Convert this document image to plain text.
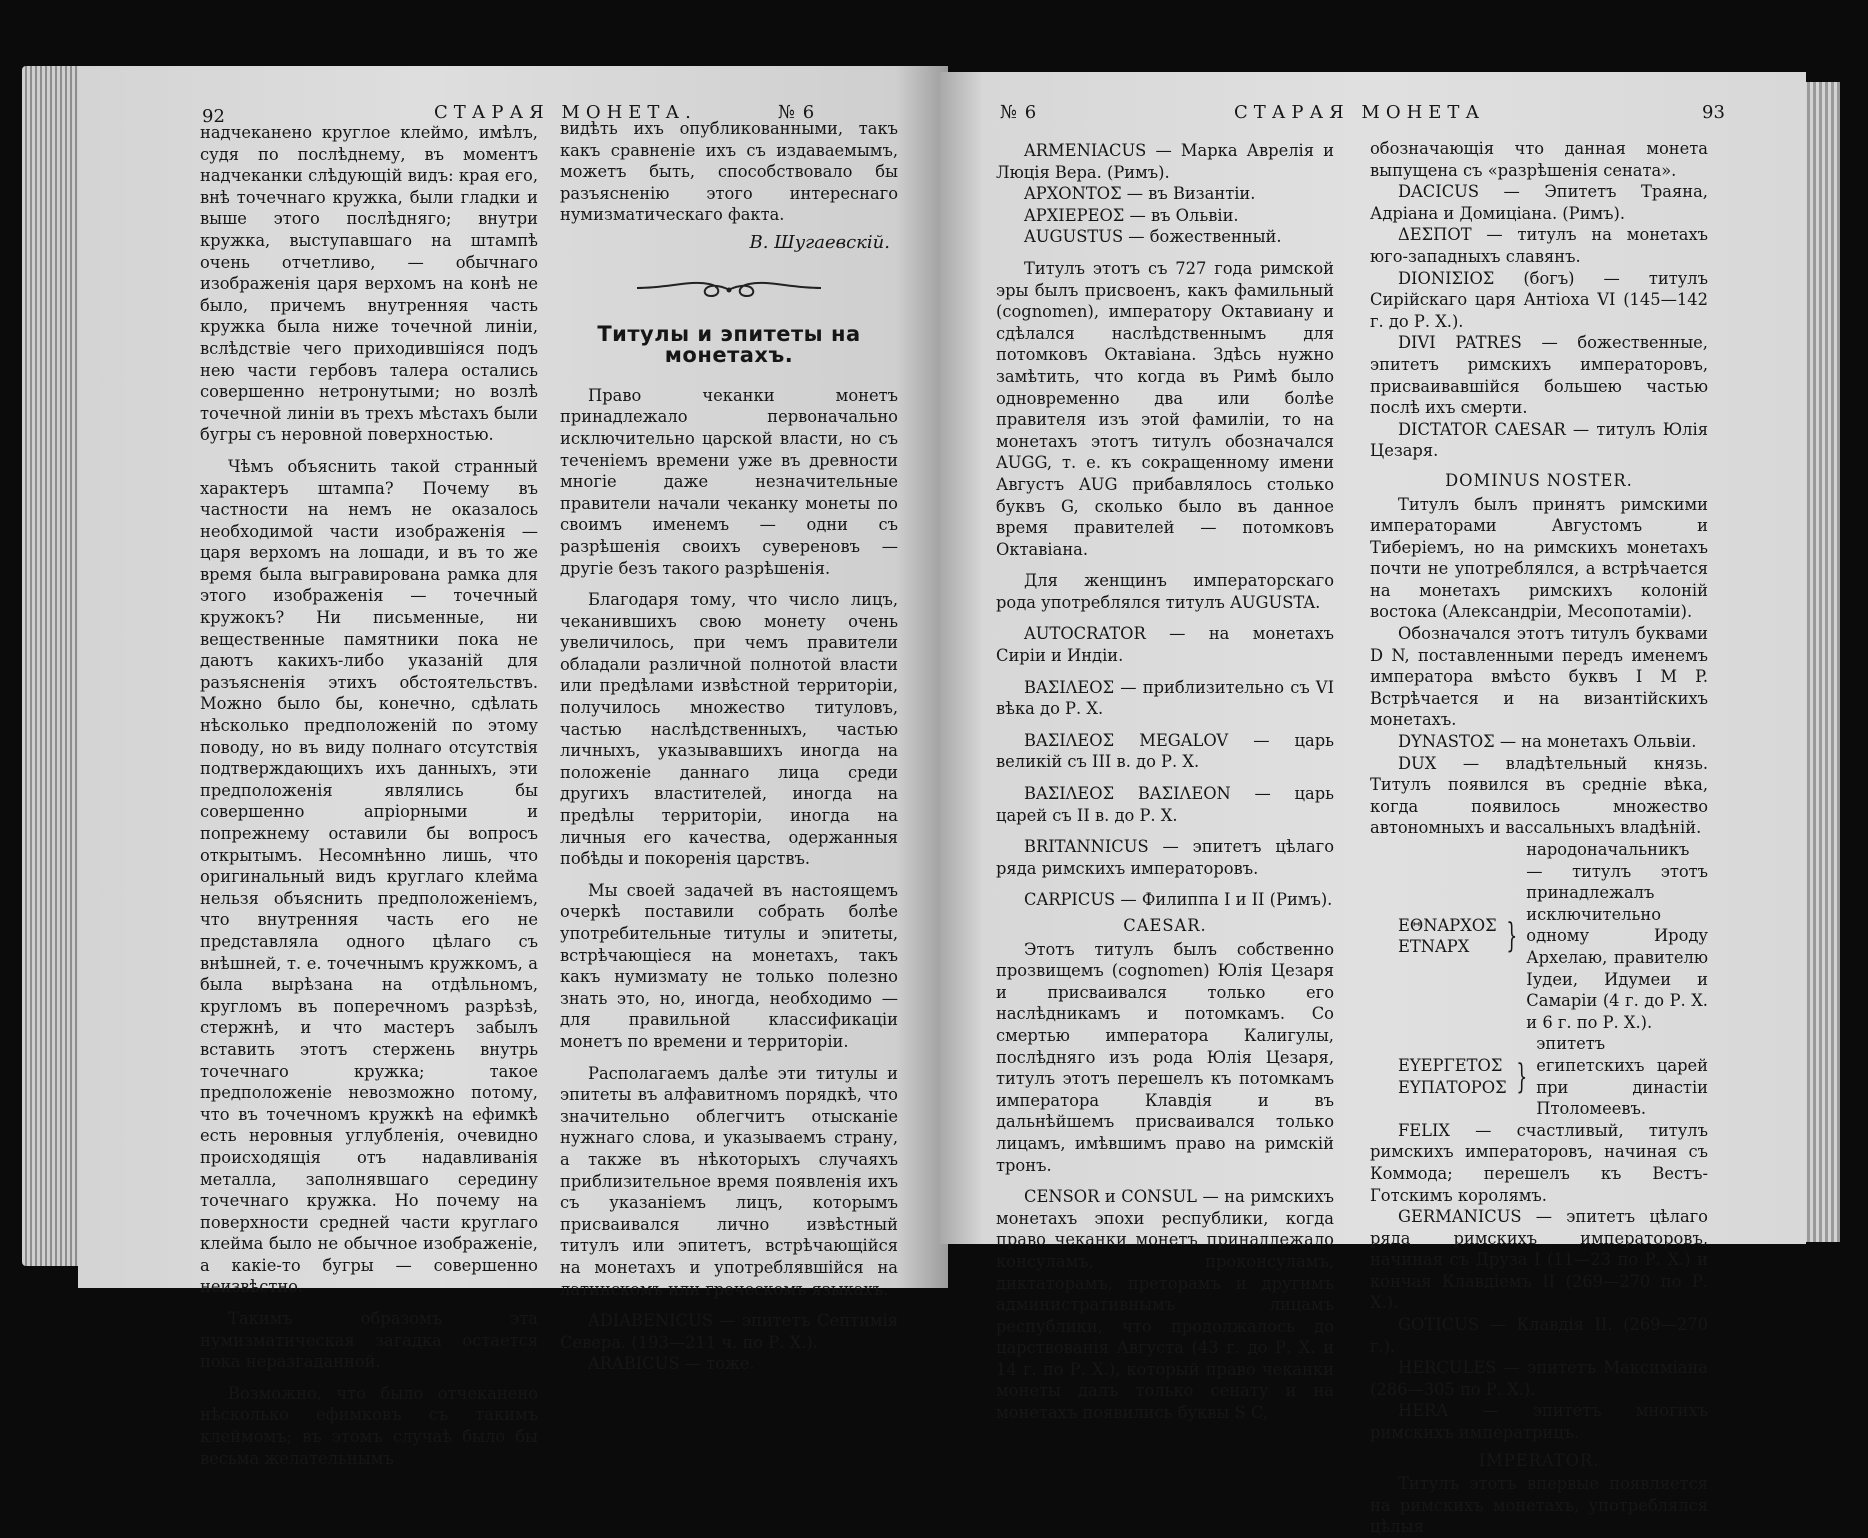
92	СТАРАЯ МОНЕТА.	№ 6

надчеканено круглое клеймо, имѣлъ, судя по послѣднему, въ моментъ надчеканки слѣдующій видъ: края его, внѣ точечнаго кружка, были гладки и выше этого послѣдняго; внутри кружка, выступавшаго на штампѣ очень отчетливо, — обычнаго изображенія царя верхомъ на конѣ не было, причемъ внутренняя часть кружка была ниже точечной линіи, вслѣдствіе чего приходившіяся подъ нею части гербовъ талера остались совершенно нетронутыми; но возлѣ точечной линіи въ трехъ мѣстахъ были бугры съ неровной поверхностью.

Чѣмъ объяснить такой странный характеръ штампа? Почему въ частности на немъ не оказалось необходимой части изображенія — царя верхомъ на лошади, и въ то же время была выгравирована рамка для этого изображенія — точечный кружокъ? Ни письменные, ни вещественные памятники пока не даютъ какихъ-либо указаній для разъясненія этихъ обстоятельствъ. Можно было бы, конечно, сдѣлать нѣсколько предположеній по этому поводу, но въ виду полнаго отсутствія подтверждающихъ ихъ данныхъ, эти предположенія являлись бы совершенно апріорными и попрежнему оставили бы вопросъ открытымъ. Несомнѣнно лишь, что оригинальный видъ круглаго клейма нельзя объяснить предположеніемъ, что внутренняя часть его не представляла одного цѣлаго съ внѣшней, т. е. точечнымъ кружкомъ, а была вырѣзана на отдѣльномъ, кругломъ въ поперечномъ разрѣзѣ, стержнѣ, и что мастеръ забылъ вставить этотъ стержень внутрь точечнаго кружка; такое предположеніе невозможно потому, что въ точечномъ кружкѣ на ефимкѣ есть неровныя углубленія, очевидно происходящія отъ надавливанія металла, заполнявшаго середину точечнаго кружка. Но почему на поверхности средней части круглаго клейма было не обычное изображеніе, а какіе-то бугры — совершенно неизвѣстно.

Такимъ образомъ эта нумизматическая загадка остается пока неразгаданной.

Возможно, что было отчеканено нѣсколько ефимковъ съ такимъ клеймомъ; въ этомъ случаѣ было бы весьма желательнымъ

видѣть ихъ опубликованными, такъ какъ сравненіе ихъ съ издаваемымъ, можетъ быть, способствовало бы разъясненію этого интереснаго нумизматическаго факта.

В. Шугаевскій.

Титулы и эпитеты на монетахъ.

Право чеканки монетъ принадлежало первоначально исключительно царской власти, но съ теченіемъ времени уже въ древности многіе даже незначительные правители начали чеканку монеты по своимъ именемъ — одни съ разрѣшенія своихъ сувереновъ — другіе безъ такого разрѣшенія.

Благодаря тому, что число лицъ, чеканившихъ свою монету очень увеличилось, при чемъ правители обладали различной полнотой власти или предѣлами извѣстной территоріи, получилось множество титуловъ, частью наслѣдственныхъ, частью личныхъ, указывавшихъ иногда на положеніе даннаго лица среди другихъ властителей, иногда на предѣлы территоріи, иногда на личныя его качества, одержанныя побѣды и покоренія царствъ.

Мы своей задачей въ настоящемъ очеркѣ поставили собрать болѣе употребительные титулы и эпитеты, встрѣчающіеся на монетахъ, такъ какъ нумизмату не только полезно знать это, но, иногда, необходимо — для правильной классификаціи монетъ по времени и территоріи.

Располагаемъ далѣе эти титулы и эпитеты въ алфавитномъ порядкѣ, что значительно облегчитъ отысканіе нужнаго слова, и указываемъ страну, а также въ нѣкоторыхъ случаяхъ приблизительное время появленія ихъ съ указаніемъ лицъ, которымъ присваивался лично извѣстный титулъ или эпитетъ, встрѣчающійся на монетахъ и употреблявшійся на латинскомъ или греческомъ языкахъ.

ADIABENICUS — эпитетъ Септимія Севера. (193—211 ч. по Р. Х.).

ARABICUS — тоже.

№ 6	СТАРАЯ МОНЕТА	93

ARMENIACUS — Марка Аврелія и Люція Вера. (Римъ).

ΑΡΧΟΝΤΟΣ — въ Византіи.

ΑΡΧΙΕΡΕΟΣ — въ Ольвіи.

AUGUSTUS — божественный.

Титулъ этотъ съ 727 года римской эры былъ присвоенъ, какъ фамильный (cognomen), императору Октавиану и сдѣлался наслѣдственнымъ для потомковъ Октавіана. Здѣсь нужно замѣтить, что когда въ Римѣ было одновременно два или болѣе правителя изъ этой фамиліи, то на монетахъ этотъ титулъ обозначался AUGG, т. е. къ сокращенному имени Августъ AUG прибавлялось столько буквъ G, сколько было въ данное время правителей — потомковъ Октавіана.

Для женщинъ императорскаго рода употреблялся титулъ AUGUSTA.

AUTOCRATOR — на монетахъ Сиріи и Индіи.

ΒΑΣΙΛΕΟΣ — приблизительно съ VI вѣка до Р. Х.

ΒΑΣΙΛΕΟΣ MEGALOV — царь великій съ III в. до Р. Х.

ΒΑΣΙΛΕΟΣ ΒΑΣΙΛΕΟΝ — царь царей съ II в. до Р. Х.

BRITANNICUS — эпитетъ цѣлаго ряда римскихъ императоровъ.

CARPICUS — Филиппа I и II (Римъ).

CAESAR.

Этотъ титулъ былъ собственно прозвищемъ (cognomen) Юлія Цезаря и присваивался только его наслѣдникамъ и потомкамъ. Со смертью императора Калигулы, послѣдняго изъ рода Юлія Цезаря, титулъ этотъ перешелъ къ потомкамъ императора Клавдія и въ дальнѣйшемъ присваивался только лицамъ, имѣвшимъ право на римскій тронъ.

CENSOR и CONSUL — на римскихъ монетахъ эпохи республики, когда право чеканки монетъ принадлежало консуламъ, проконсуламъ, диктаторамъ, преторамъ и другимъ административнымъ лицамъ республики, что продолжалось до царствованія Августа (43 г. до Р. Х. и 14 г. по Р. Х.), который право чеканки монеты далъ только сенату и на монетахъ появились буквы S C,

обозначающія что данная монета выпущена съ «разрѣшенія сената».

DACICUS — Эпитетъ Траяна, Адріана и Домиціана. (Римъ).

ΔΕΣΠΟΤ — титулъ на монетахъ юго-западныхъ славянъ.

DIONIΣΙΟΣ (богъ) — титулъ Сирійскаго царя Антіоха VI (145—142 г. до Р. Х.).

DIVI PATRES — божественные, эпитетъ римскихъ императоровъ, присваивавшійся большею частью послѣ ихъ смерти.

DICTATOR CAESAR — титулъ Юлія Цезаря.

DOMINUS NOSTER.

Титулъ былъ принятъ римскими императорами Августомъ и Тиберіемъ, но на римскихъ монетахъ почти не употреблялся, а встрѣчается на монетахъ римскихъ колоній востока (Александріи, Месопотаміи).

Обозначался этотъ титулъ буквами D N, поставленными передъ именемъ императора вмѣсто буквъ I M P. Встрѣчается и на византійскихъ монетахъ.

DYNASTOΣ — на монетахъ Ольвіи.

DUX — владѣтельный князь. Титулъ появился въ средніе вѣка, когда появилось множество автономныхъ и вассальныхъ владѣній.

ΕΘΝΑΡΧΟΣ
ETNAPX	}
народоначальникъ — титулъ этотъ принадлежалъ исключительно одному Ироду Архелаю, правителю Іудеи, Идумеи и Самаріи (4 г. до Р. Х. и 6 г. по Р. Х.).
ΕΥΕΡΓΕΤΟΣ
ΕΥΠΑΤΟΡΟΣ }
эпитетъ египетскихъ царей при династіи Птоломеевъ.

FELIX — счастливый, титулъ римскихъ императоровъ, начиная съ Коммода; перешелъ къ Вестъ-Готскимъ королямъ.

GERMANICUS — эпитетъ цѣлаго ряда римскихъ императоровъ, начиная съ Друза I (11—23 по Р. Х.) и кончая Клавдіемъ II (269—270 по Р. Х.).

GOTICUS — Клавдія II. (269—270 г.).

HERCULES — эпитетъ Максиміана (286—305 по Р. Х.).

HERA — эпитетъ многихъ римскихъ императрицъ.

IMPERATOR.

Титулъ этотъ впервые появляется на римскихъ монетахъ, употреблялся цѣлыя
